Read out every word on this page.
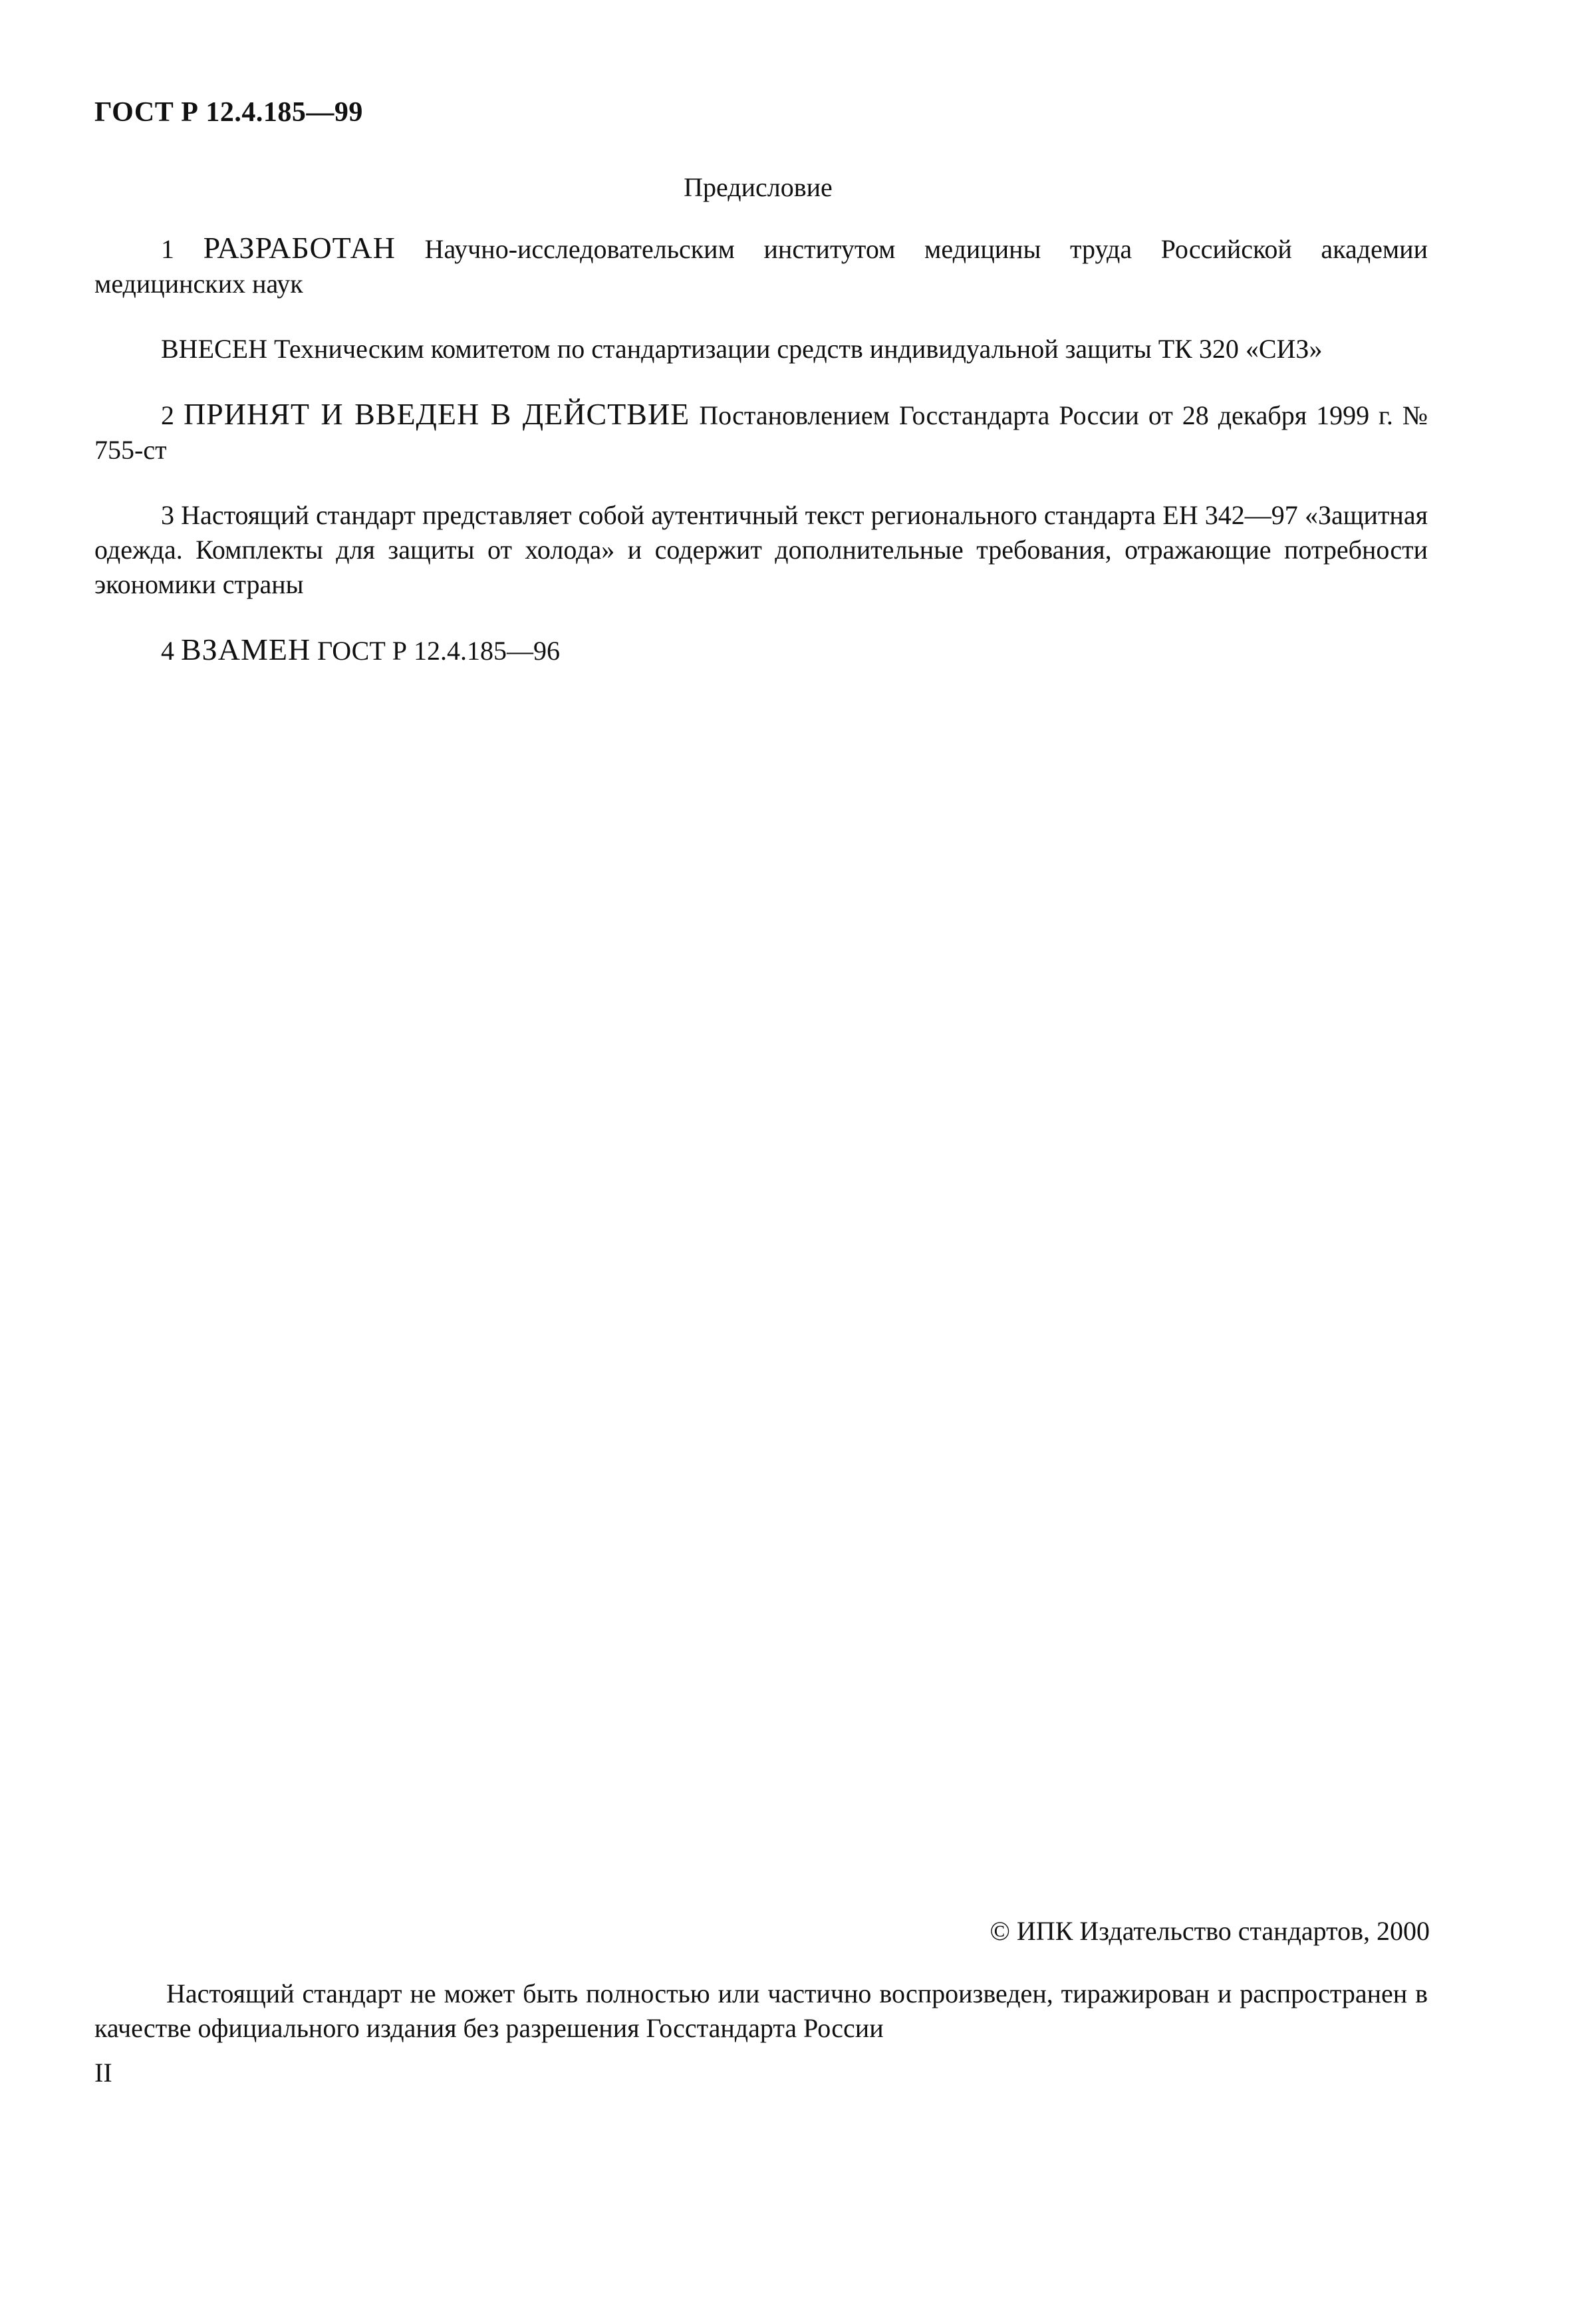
ГОСТ Р 12.4.185—99
Предисловие

1 РАЗРАБОТАН Научно-исследовательским институтом медицины труда Российской академии медицинских наук

ВНЕСЕН Техническим комитетом по стандартизации средств индивидуальной защиты ТК 320 «СИЗ»

2 ПРИНЯТ И ВВЕДЕН В ДЕЙСТВИЕ Постановлением Госстандарта России от 28 декабря 1999 г. № 755-ст

3 Настоящий стандарт представляет собой аутентичный текст регионального стандарта ЕН 342—97 «Защитная одежда. Комплекты для защиты от холода» и содержит дополнительные требования, отражающие потребности экономики страны

4 ВЗАМЕН ГОСТ Р 12.4.185—96

© ИПК Издательство стандартов, 2000

Настоящий стандарт не может быть полностью или частично воспроизведен, тиражирован и распространен в качестве официального издания без разрешения Госстандарта России

II
